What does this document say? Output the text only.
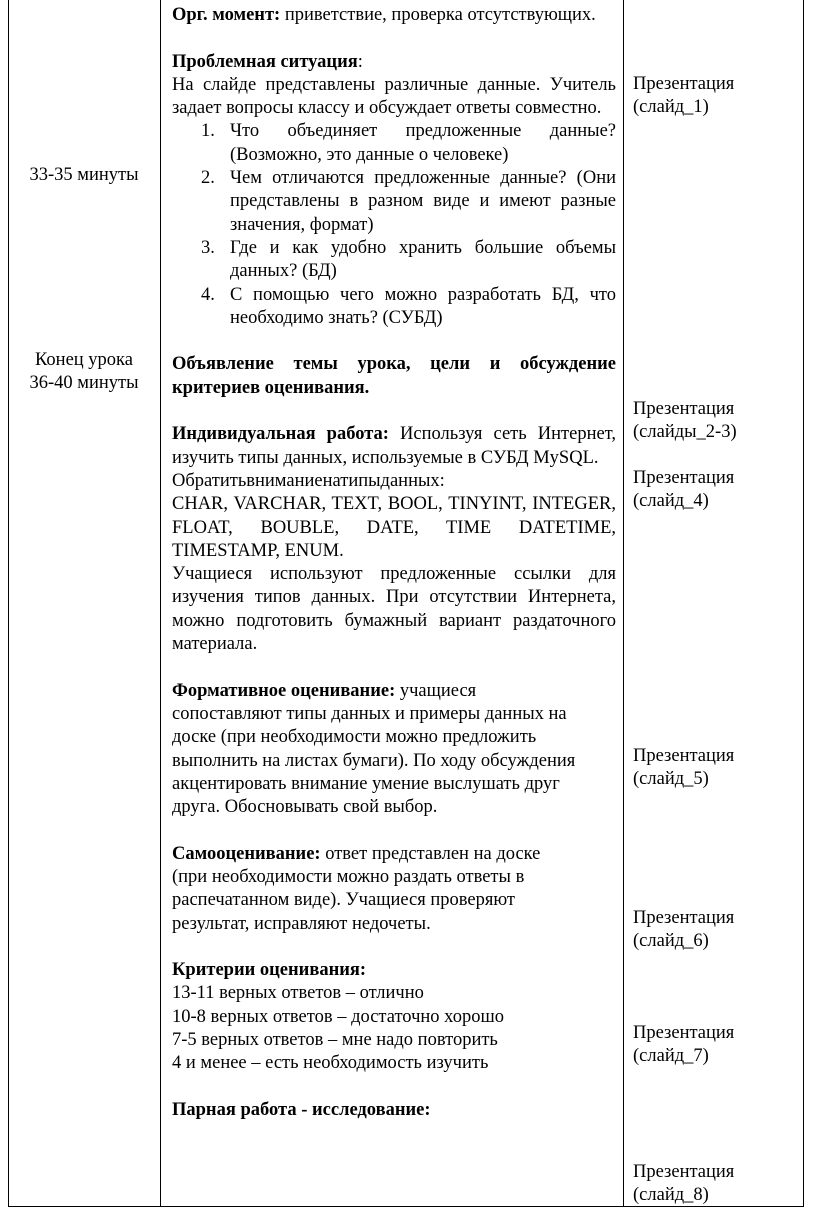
33-35 минуты
Конец урока
36-40 минуты

Орг. момент: приветствие, проверка отсутствующих.

Проблемная ситуация:

На слайде представлены различные данные. Учитель задает вопросы классу и обсуждает ответы совместно.

1. Что объединяет предложенные данные? (Возможно, это данные о человеке)
2. Чем отличаются предложенные данные? (Они представлены в разном виде и имеют разные значения, формат)
3. Где и как удобно хранить большие объемы данных? (БД)
4. С помощью чего можно разработать БД, что необходимо знать? (СУБД)

Объявление темы урока, цели и обсуждение критериев оценивания.

Индивидуальная работа: Используя сеть Интернет, изучить типы данных, используемые в СУБД MySQL.

Обратитьвниманиенатипыданных:

CHAR, VARCHAR, TEXT, BOOL, TINYINT, INTEGER, FLOAT, BOUBLE, DATE, TIME DATETIME, TIMESTAMP, ENUM.

Учащиеся используют предложенные ссылки для изучения типов данных. При отсутствии Интернета, можно подготовить бумажный вариант раздаточного материала.

Формативное оценивание: учащиеся

сопоставляют типы данных и примеры данных на

доске (при необходимости можно предложить

выполнить на листах бумаги). По ходу обсуждения

акцентировать внимание умение выслушать друг

друга. Обосновывать свой выбор.

Самооценивание: ответ представлен на доске

(при необходимости можно раздать ответы в

распечатанном виде). Учащиеся проверяют

результат, исправляют недочеты.

Критерии оценивания:

13-11 верных ответов – отлично

10-8 верных ответов – достаточно хорошо

7-5 верных ответов – мне надо повторить

4 и менее – есть необходимость изучить

Парная работа - исследование:

Презентация
(слайд_1)
Презентация
(слайды_2-3)
Презентация
(слайд_4)
Презентация
(слайд_5)
Презентация
(слайд_6)
Презентация
(слайд_7)
Презентация
(слайд_8)
